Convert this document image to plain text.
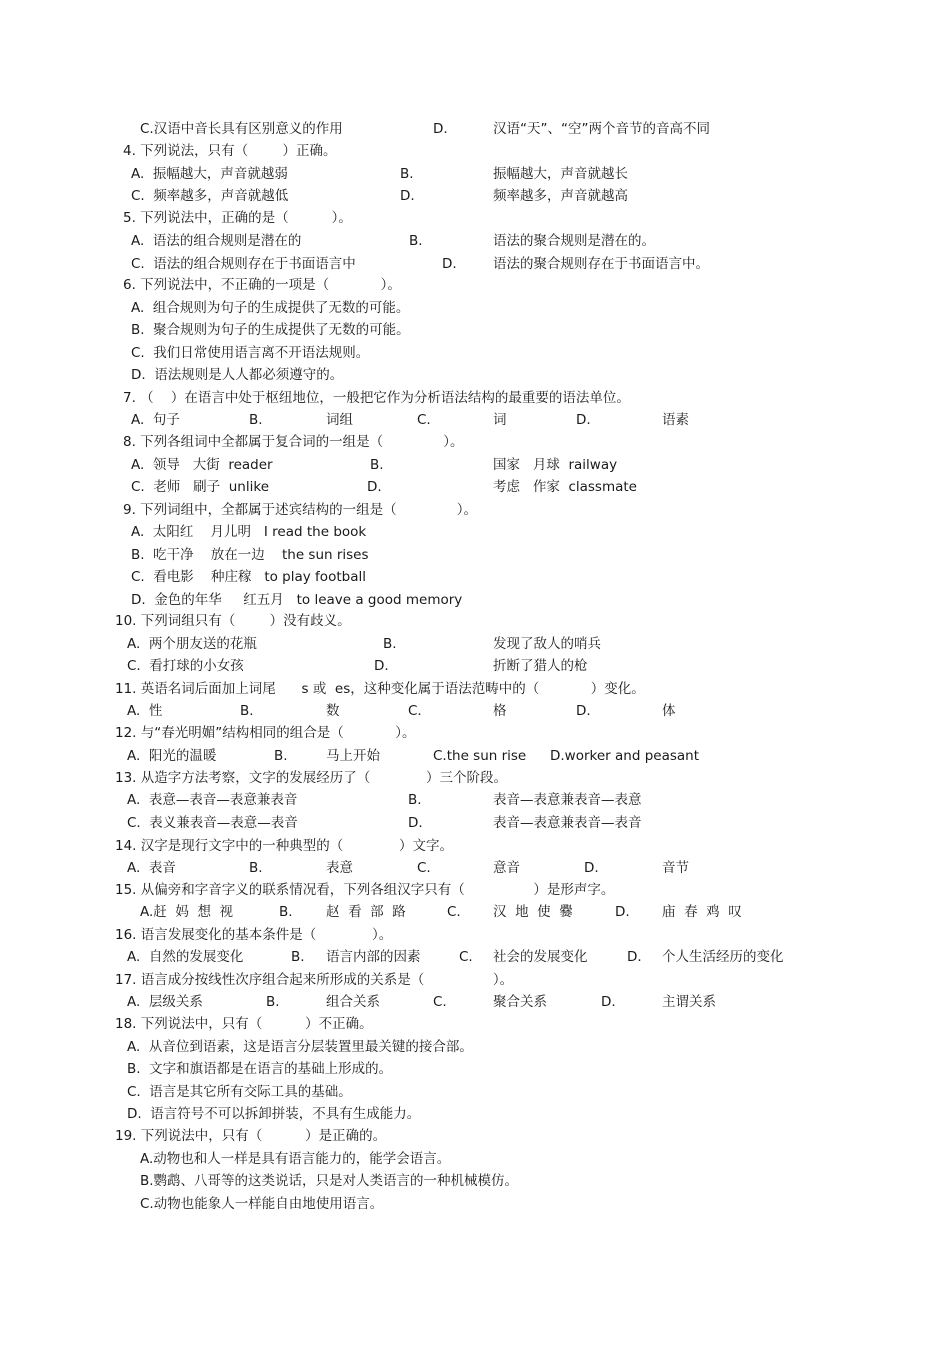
C.汉语中音长具有区别意义的作用	D.	汉语“天”、“空”两个音节的音高不同
4. 下列说法，只有（        ）正确。
A.  振幅越大，声音就越弱	B.	振幅越大，声音就越长
C.  频率越多，声音就越低	D.	频率越多，声音就越高
5. 下列说法中，正确的是（          ）。
A.  语法的组合规则是潜在的	B.	语法的聚合规则是潜在的。
C.  语法的组合规则存在于书面语言中	D.	语法的聚合规则存在于书面语言中。
6. 下列说法中，不正确的一项是（            ）。
A.  组合规则为句子的生成提供了无数的可能。
B.  聚合规则为句子的生成提供了无数的可能。
C.  我们日常使用语言离不开语法规则。
D.  语法规则是人人都必须遵守的。
7. （    ）在语言中处于枢纽地位，一般把它作为分析语法结构的最重要的语法单位。
A.  句子	B.	词组	C.	词	D.	语素
8. 下列各组词中全都属于复合词的一组是（              ）。
A.  领导   大街  reader	B.	国家   月球  railway
C.  老师   刷子  unlike	D.	考虑   作家  classmate
9. 下列词组中，全都属于述宾结构的一组是（              ）。
A.  太阳红    月儿明   I read the book
B.  吃干净    放在一边    the sun rises
C.  看电影    种庄稼   to play football
D.  金色的年华     红五月   to leave a good memory
10. 下列词组只有（        ）没有歧义。
A.  两个朋友送的花瓶	B.	发现了敌人的哨兵
C.  看打球的小女孩	D.	折断了猎人的枪
11. 英语名词后面加上词尾      s 或  es，这种变化属于语法范畴中的（            ）变化。
A.  性	B.	数	C.	格	D.	体
12. 与“春光明媚”结构相同的组合是（            ）。
A.  阳光的温暖	B.	马上开始	C.the sun rise D.worker and peasant
13. 从造字方法考察，文字的发展经历了（             ）三个阶段。
A.  表意—表音—表意兼表音	B.	表音—表意兼表音—表意
C.  表义兼表音—表意—表音	D.	表音—表意兼表音—表音
14. 汉字是现行文字中的一种典型的（             ）文字。
A.  表音	B.	表意	C.	意音	D.	音节
15. 从偏旁和字音字义的联系情况看，下列各组汉字只有（                ）是形声字。
A.赶  妈  想  视	B. 赵  看  部  路	C. 汉  地  使  爨	D. 庙  春  鸡  叹
16. 语言发展变化的基本条件是（             ）。
A.  自然的发展变化	B. 语言内部的因素	C. 社会的发展变化	D. 个人生活经历的变化
17. 语言成分按线性次序组合起来所形成的关系是（                ）。
A.  层级关系	B.	组合关系	C.	聚合关系	D.	主谓关系
18. 下列说法中，只有（          ）不正确。
A.  从音位到语素，这是语言分层装置里最关键的接合部。
B.  文字和旗语都是在语言的基础上形成的。
C.  语言是其它所有交际工具的基础。
D.  语言符号不可以拆卸拼装，不具有生成能力。
19. 下列说法中，只有（          ）是正确的。
A.动物也和人一样是具有语言能力的，能学会语言。
B.鹦鹉、八哥等的这类说话，只是对人类语言的一种机械模仿。
C.动物也能象人一样能自由地使用语言。
